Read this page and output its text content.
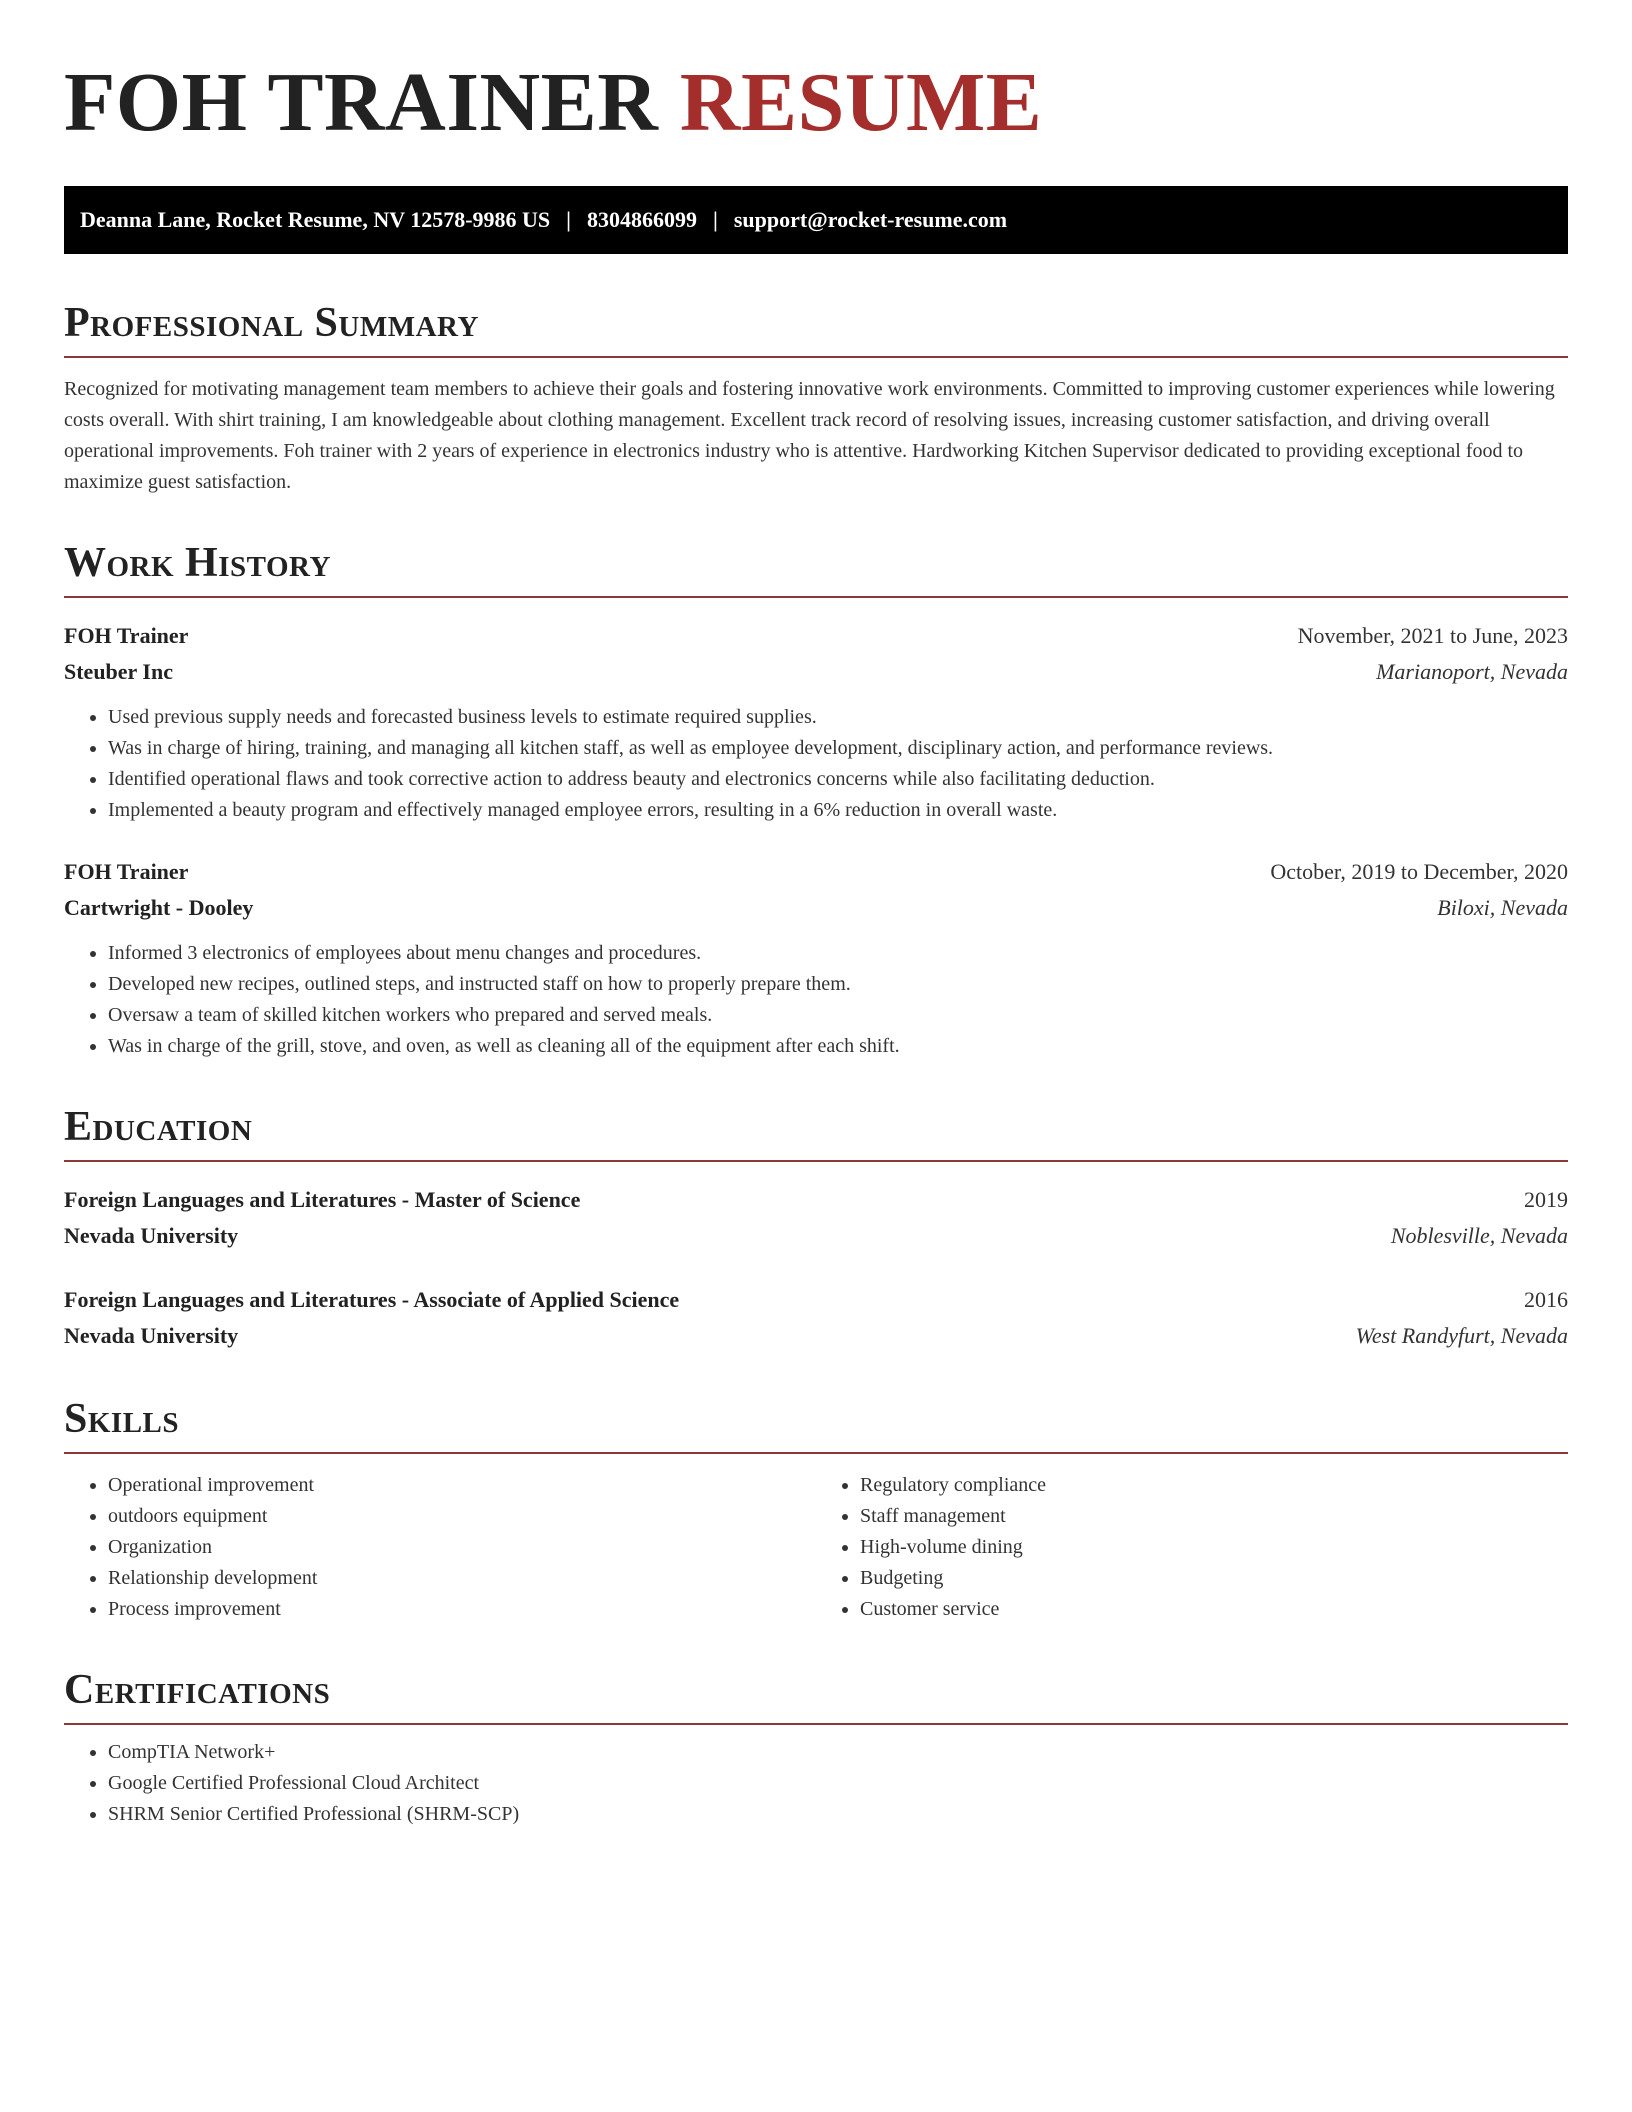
FOH TRAINER RESUME
Deanna Lane, Rocket Resume, NV 12578-9986 US | 8304866099 | support@rocket-resume.com
Professional Summary

Recognized for motivating management team members to achieve their goals and fostering innovative work environments. Committed to improving customer experiences while lowering costs overall. With shirt training, I am knowledgeable about clothing management. Excellent track record of resolving issues, increasing customer satisfaction, and driving overall operational improvements. Foh trainer with 2 years of experience in electronics industry who is attentive. Hardworking Kitchen Supervisor dedicated to providing exceptional food to maximize guest satisfaction.

Work History
FOH Trainer	November, 2021 to June, 2023
Steuber Inc	Marianoport, Nevada
• Used previous supply needs and forecasted business levels to estimate required supplies.
• Was in charge of hiring, training, and managing all kitchen staff, as well as employee development, disciplinary action, and performance reviews.
• Identified operational flaws and took corrective action to address beauty and electronics concerns while also facilitating deduction.
• Implemented a beauty program and effectively managed employee errors, resulting in a 6% reduction in overall waste.
FOH Trainer	October, 2019 to December, 2020
Cartwright - Dooley	Biloxi, Nevada
• Informed 3 electronics of employees about menu changes and procedures.
• Developed new recipes, outlined steps, and instructed staff on how to properly prepare them.
• Oversaw a team of skilled kitchen workers who prepared and served meals.
• Was in charge of the grill, stove, and oven, as well as cleaning all of the equipment after each shift.
Education
Foreign Languages and Literatures - Master of Science	2019
Nevada University	Noblesville, Nevada
Foreign Languages and Literatures - Associate of Applied Science	2016
Nevada University	West Randyfurt, Nevada
Skills
• Operational improvement
• outdoors equipment
• Organization
• Relationship development
• Process improvement
• Regulatory compliance
• Staff management
• High-volume dining
• Budgeting
• Customer service
Certifications
• CompTIA Network+
• Google Certified Professional Cloud Architect
• SHRM Senior Certified Professional (SHRM-SCP)
